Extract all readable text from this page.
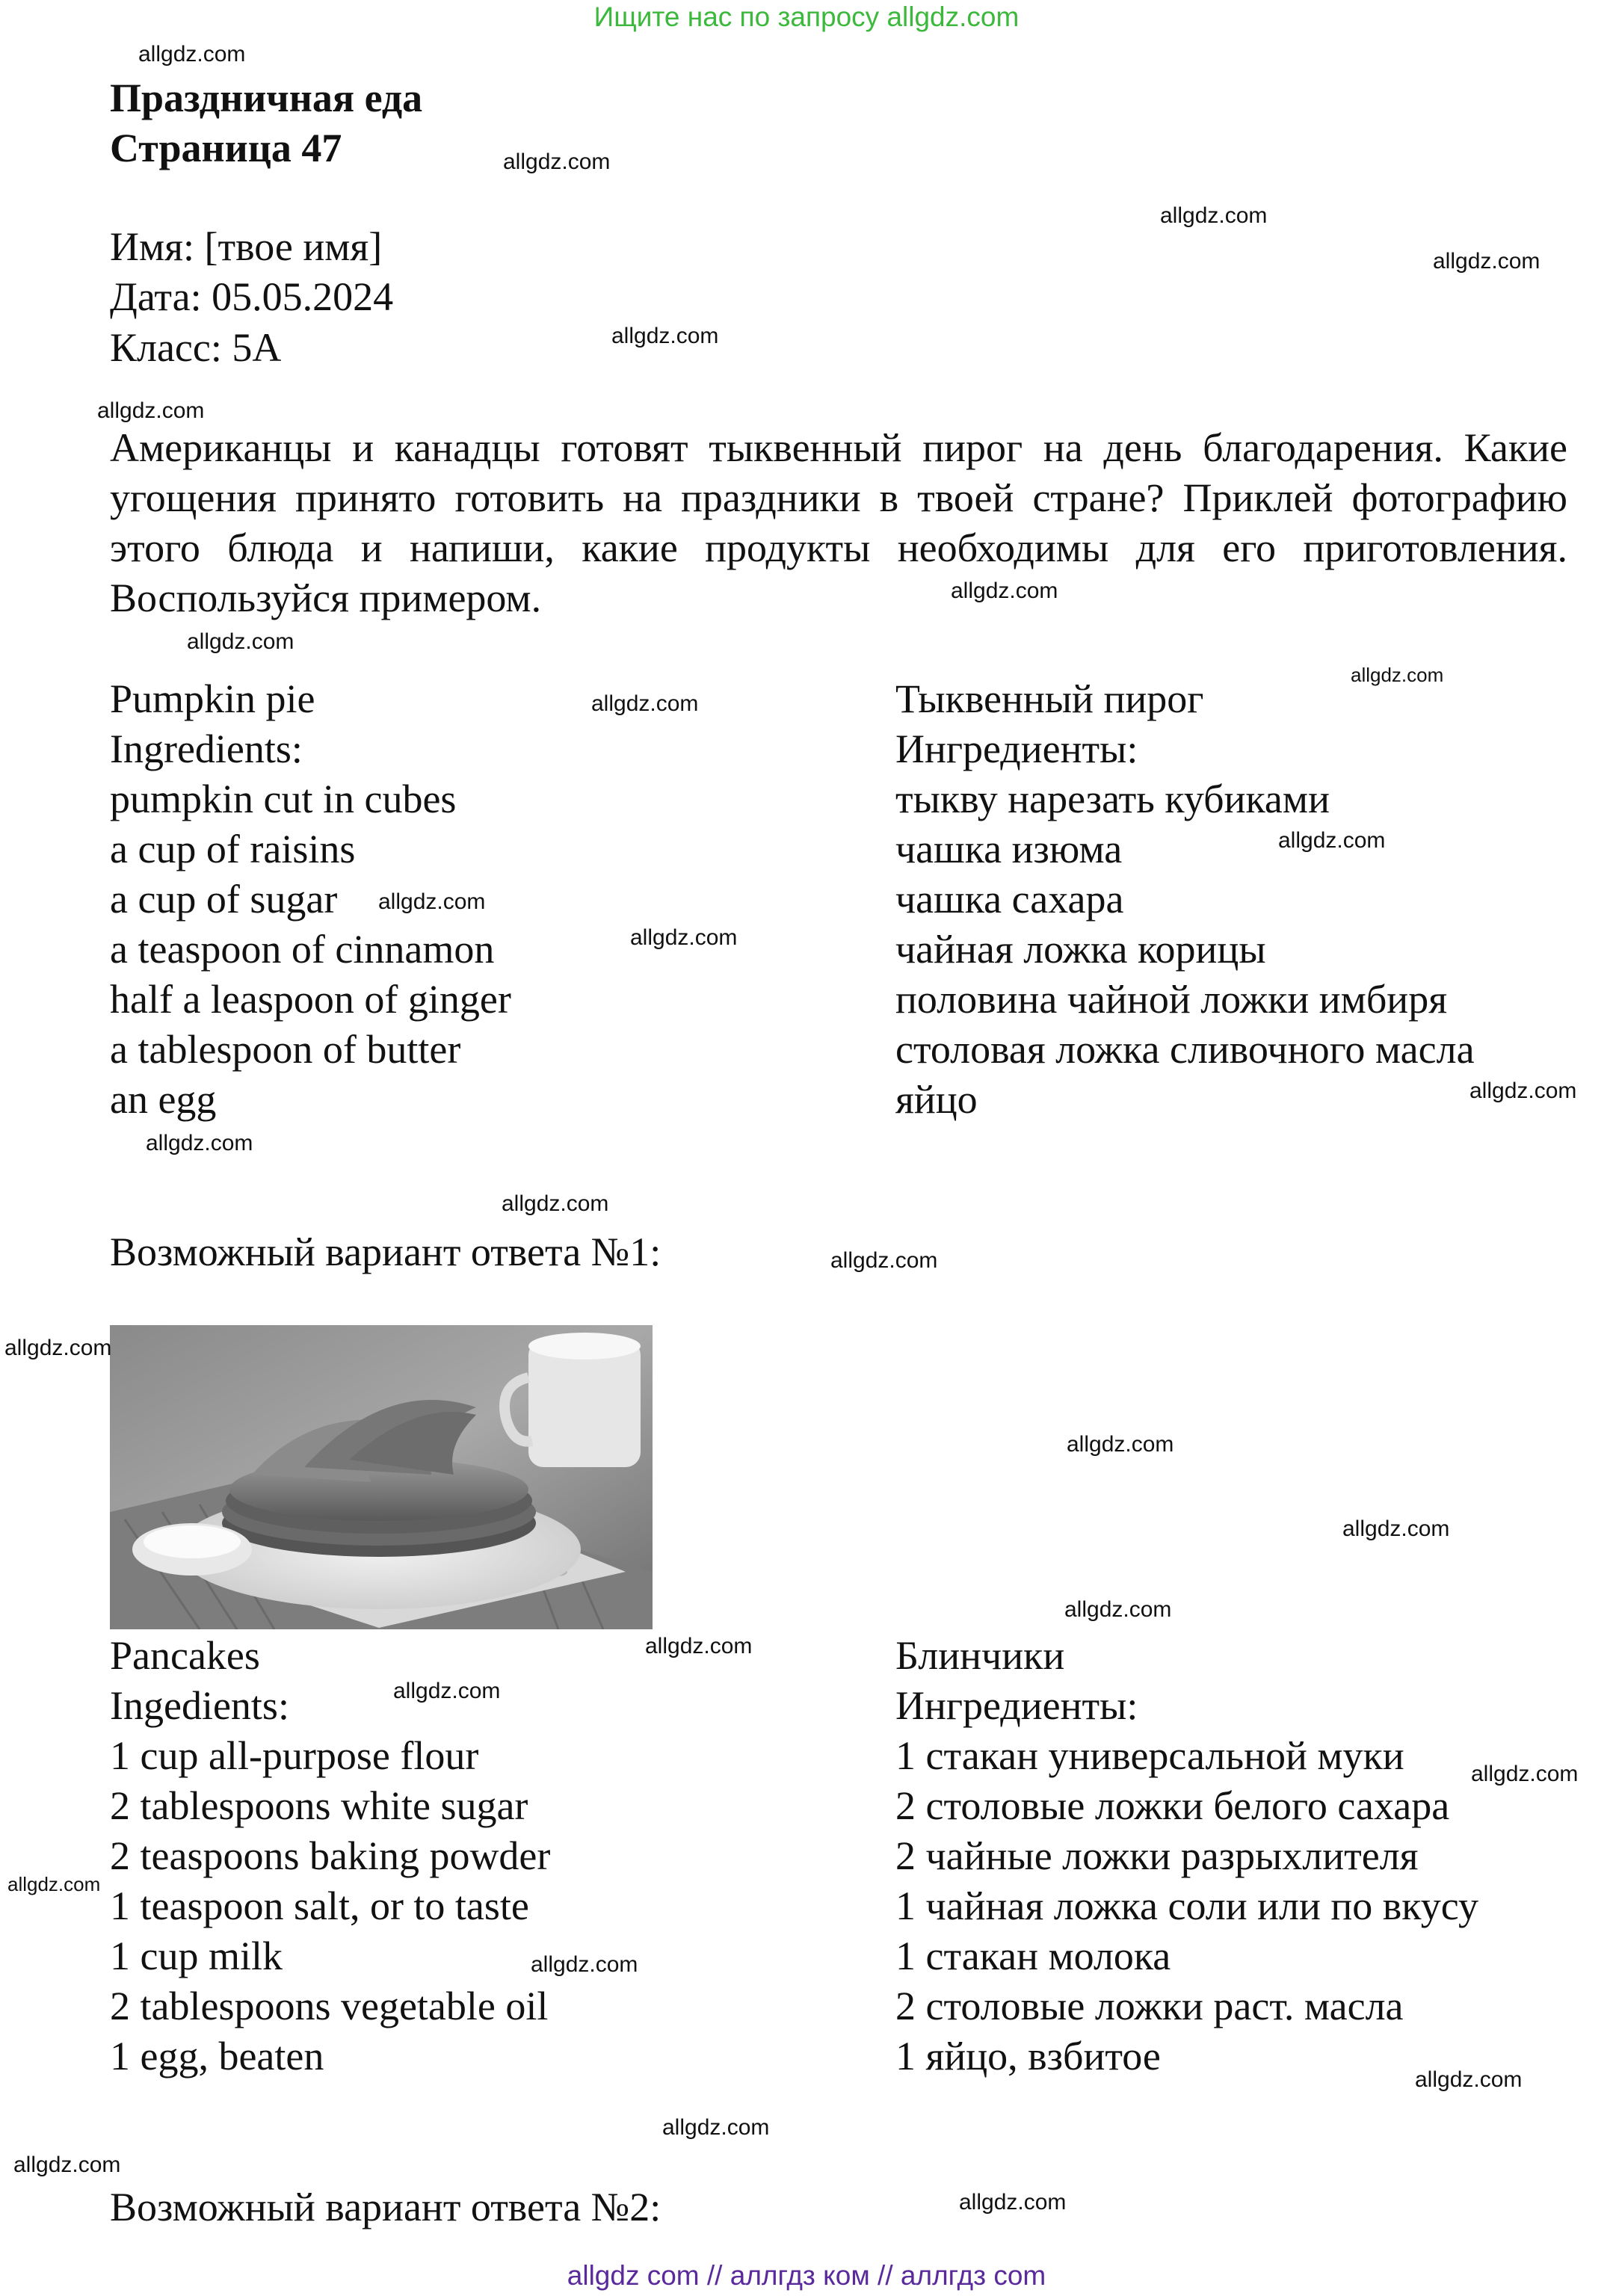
Ищите нас по запросу allgdz.com
Праздничная еда
Страница 47
Имя: [твое имя]
Дата: 05.05.2024
Класс: 5А
Американцы и канадцы готовят тыквенный пирог на день благодарения. Какие угощения принято готовить на праздники в твоей стране? Приклей фотографию этого блюда и напиши, какие продукты необходимы для его приготовления. Воспользуйся примером.
Pumpkin pie
Ingredients:
pumpkin cut in cubes
a cup of raisins
a cup of sugar
a teaspoon of cinnamon
half a leaspoon of ginger
a tablespoon of butter
an egg
Тыквенный пирог
Ингредиенты:
тыкву нарезать кубиками
чашка изюма
чашка сахара
чайная ложка корицы
половина чайной ложки имбиря
столовая ложка сливочного масла
яйцо
Возможный вариант ответа №1:
Pancakes
Ingedients:
1 cup all-purpose flour
2 tablespoons white sugar
2 teaspoons baking powder
1 teaspoon salt, or to taste
1 cup milk
2 tablespoons vegetable oil
1 egg, beaten
Блинчики
Ингредиенты:
1 стакан универсальной муки
2 столовые ложки белого сахара
2 чайные ложки разрыхлителя
1 чайная ложка соли или по вкусу
1 стакан молока
2 столовые ложки раст. масла
1 яйцо, взбитое
Возможный вариант ответа №2:
allgdz.com
allgdz.com
allgdz.com
allgdz.com
allgdz.com
allgdz.com
allgdz.com
allgdz.com
allgdz.com
allgdz.com
allgdz.com
allgdz.com
allgdz.com
allgdz.com
allgdz.com
allgdz.com
allgdz.com
allgdz.com
allgdz.com
allgdz.com
allgdz.com
allgdz.com
allgdz.com
allgdz.com
allgdz.com
allgdz.com
allgdz.com
allgdz.com
allgdz.com
allgdz.com
allgdz com // аллгдз ком // аллгдз com
